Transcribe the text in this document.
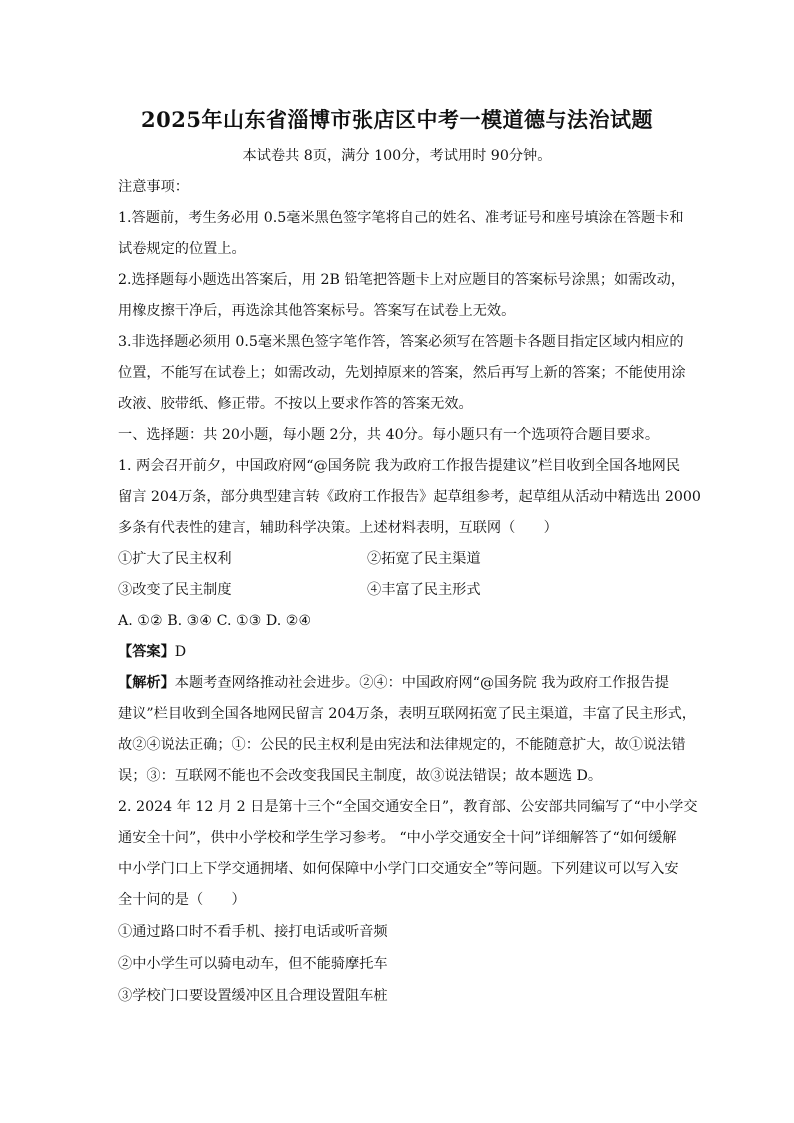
2025年山东省淄博市张店区中考一模道德与法治试题
本试卷共 8页，满分 100分，考试用时 90分钟。
注意事项：
1.答题前，考生务必用 0.5毫米黑色签字笔将自己的姓名、准考证号和座号填涂在答题卡和
试卷规定的位置上。
2.选择题每小题选出答案后，用 2B 铅笔把答题卡上对应题目的答案标号涂黑；如需改动，
用橡皮擦干净后，再选涂其他答案标号。答案写在试卷上无效。
3.非选择题必须用 0.5毫米黑色签字笔作答，答案必须写在答题卡各题目指定区域内相应的
位置，不能写在试卷上；如需改动，先划掉原来的答案，然后再写上新的答案；不能使用涂
改液、胶带纸、修正带。不按以上要求作答的答案无效。
一、选择题：共 20小题，每小题 2分，共 40分。每小题只有一个选项符合题目要求。
1. 两会召开前夕，中国政府网“@国务院 我为政府工作报告提建议”栏目收到全国各地网民
留言 204万条，部分典型建言转《政府工作报告》起草组参考，起草组从活动中精选出 2000
多条有代表性的建言，辅助科学决策。上述材料表明，互联网（　　）
①扩大了民主权利	②拓宽了民主渠道
③改变了民主制度	④丰富了民主形式
A. ①② B. ③④ C. ①③ D. ②④
【答案】D
【解析】本题考查网络推动社会进步。②④：中国政府网“@国务院 我为政府工作报告提
建议”栏目收到全国各地网民留言 204万条，表明互联网拓宽了民主渠道，丰富了民主形式，
故②④说法正确；①：公民的民主权利是由宪法和法律规定的，不能随意扩大，故①说法错
误；③：互联网不能也不会改变我国民主制度，故③说法错误；故本题选 D。
2. 2024 年 12 月 2 日是第十三个“全国交通安全日”，教育部、公安部共同编写了“中小学交
通安全十问”，供中小学校和学生学习参考。 “中小学交通安全十问”详细解答了“如何缓解
中小学门口上下学交通拥堵、如何保障中小学门口交通安全”等问题。下列建议可以写入安
全十问的是（　　）
①通过路口时不看手机、接打电话或听音频
②中小学生可以骑电动车，但不能骑摩托车
③学校门口要设置缓冲区且合理设置阻车桩
